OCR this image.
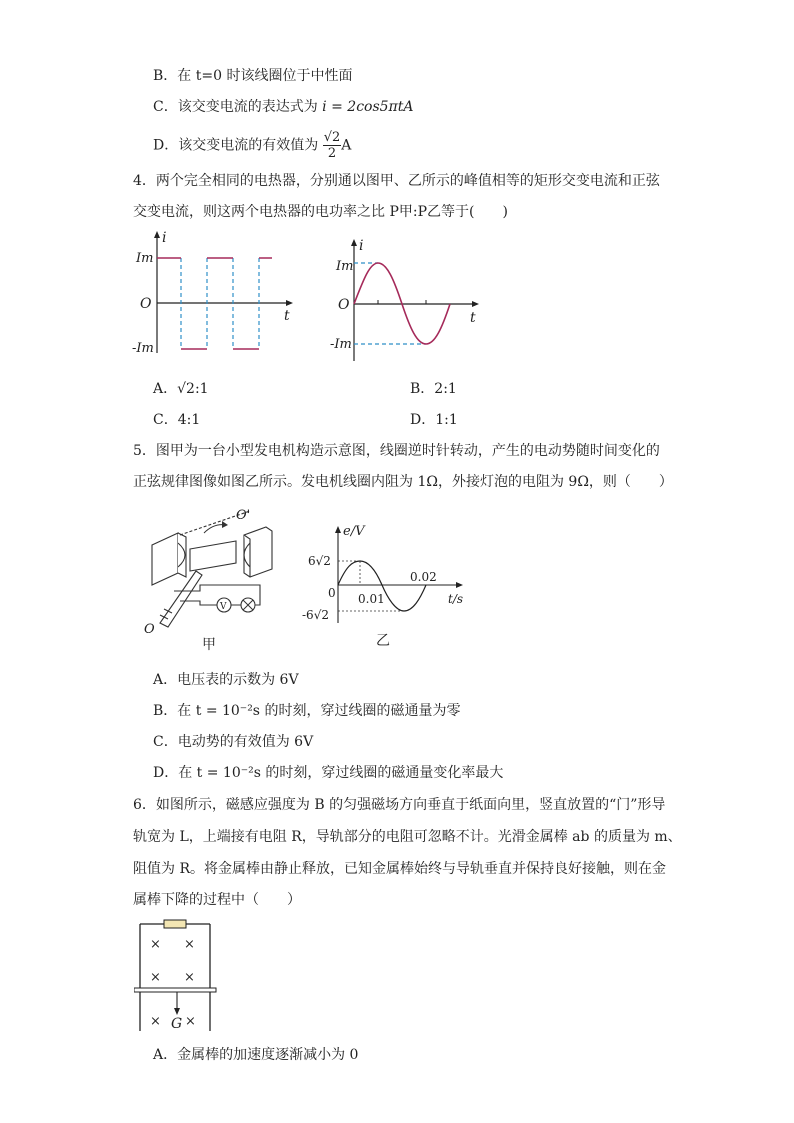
B．在 t=0 时该线圈位于中性面
C．该交变电流的表达式为 i = 2cos5πtA
D．该交变电流的有效值为 $\frac{√2}{2}$ A
4．两个完全相同的电热器，分别通以图甲、乙所示的峰值相等的矩形交变电流和正弦
交变电流，则这两个电热器的电功率之比 P甲:P乙等于(　　)
i
t
O
Im
-Im
i
t
O
Im
-Im
A．√2:1	B．2:1
C．4:1	D．1:1
5．图甲为一台小型发电机构造示意图，线圈逆时针转动，产生的电动势随时间变化的
正弦规律图像如图乙所示。发电机线圈内阻为 1Ω，外接灯泡的电阻为 9Ω，则（　　）
O'
O
V
甲
e/V
t/s
0
6√2
-6√2
0.01
0.02
乙
A．电压表的示数为 6V
B．在 t = 10⁻²s 的时刻，穿过线圈的磁通量为零
C．电动势的有效值为 6V
D．在 t = 10⁻²s 的时刻，穿过线圈的磁通量变化率最大
6．如图所示，磁感应强度为 B 的匀强磁场方向垂直于纸面向里，竖直放置的“门”形导
轨宽为 L，上端接有电阻 R，导轨部分的电阻可忽略不计。光滑金属棒 ab 的质量为 m、
阻值为 R。将金属棒由静止释放，已知金属棒始终与导轨垂直并保持良好接触，则在金
属棒下降的过程中（　　）
G
× ×
× ×
× ×
A．金属棒的加速度逐渐减小为 0
